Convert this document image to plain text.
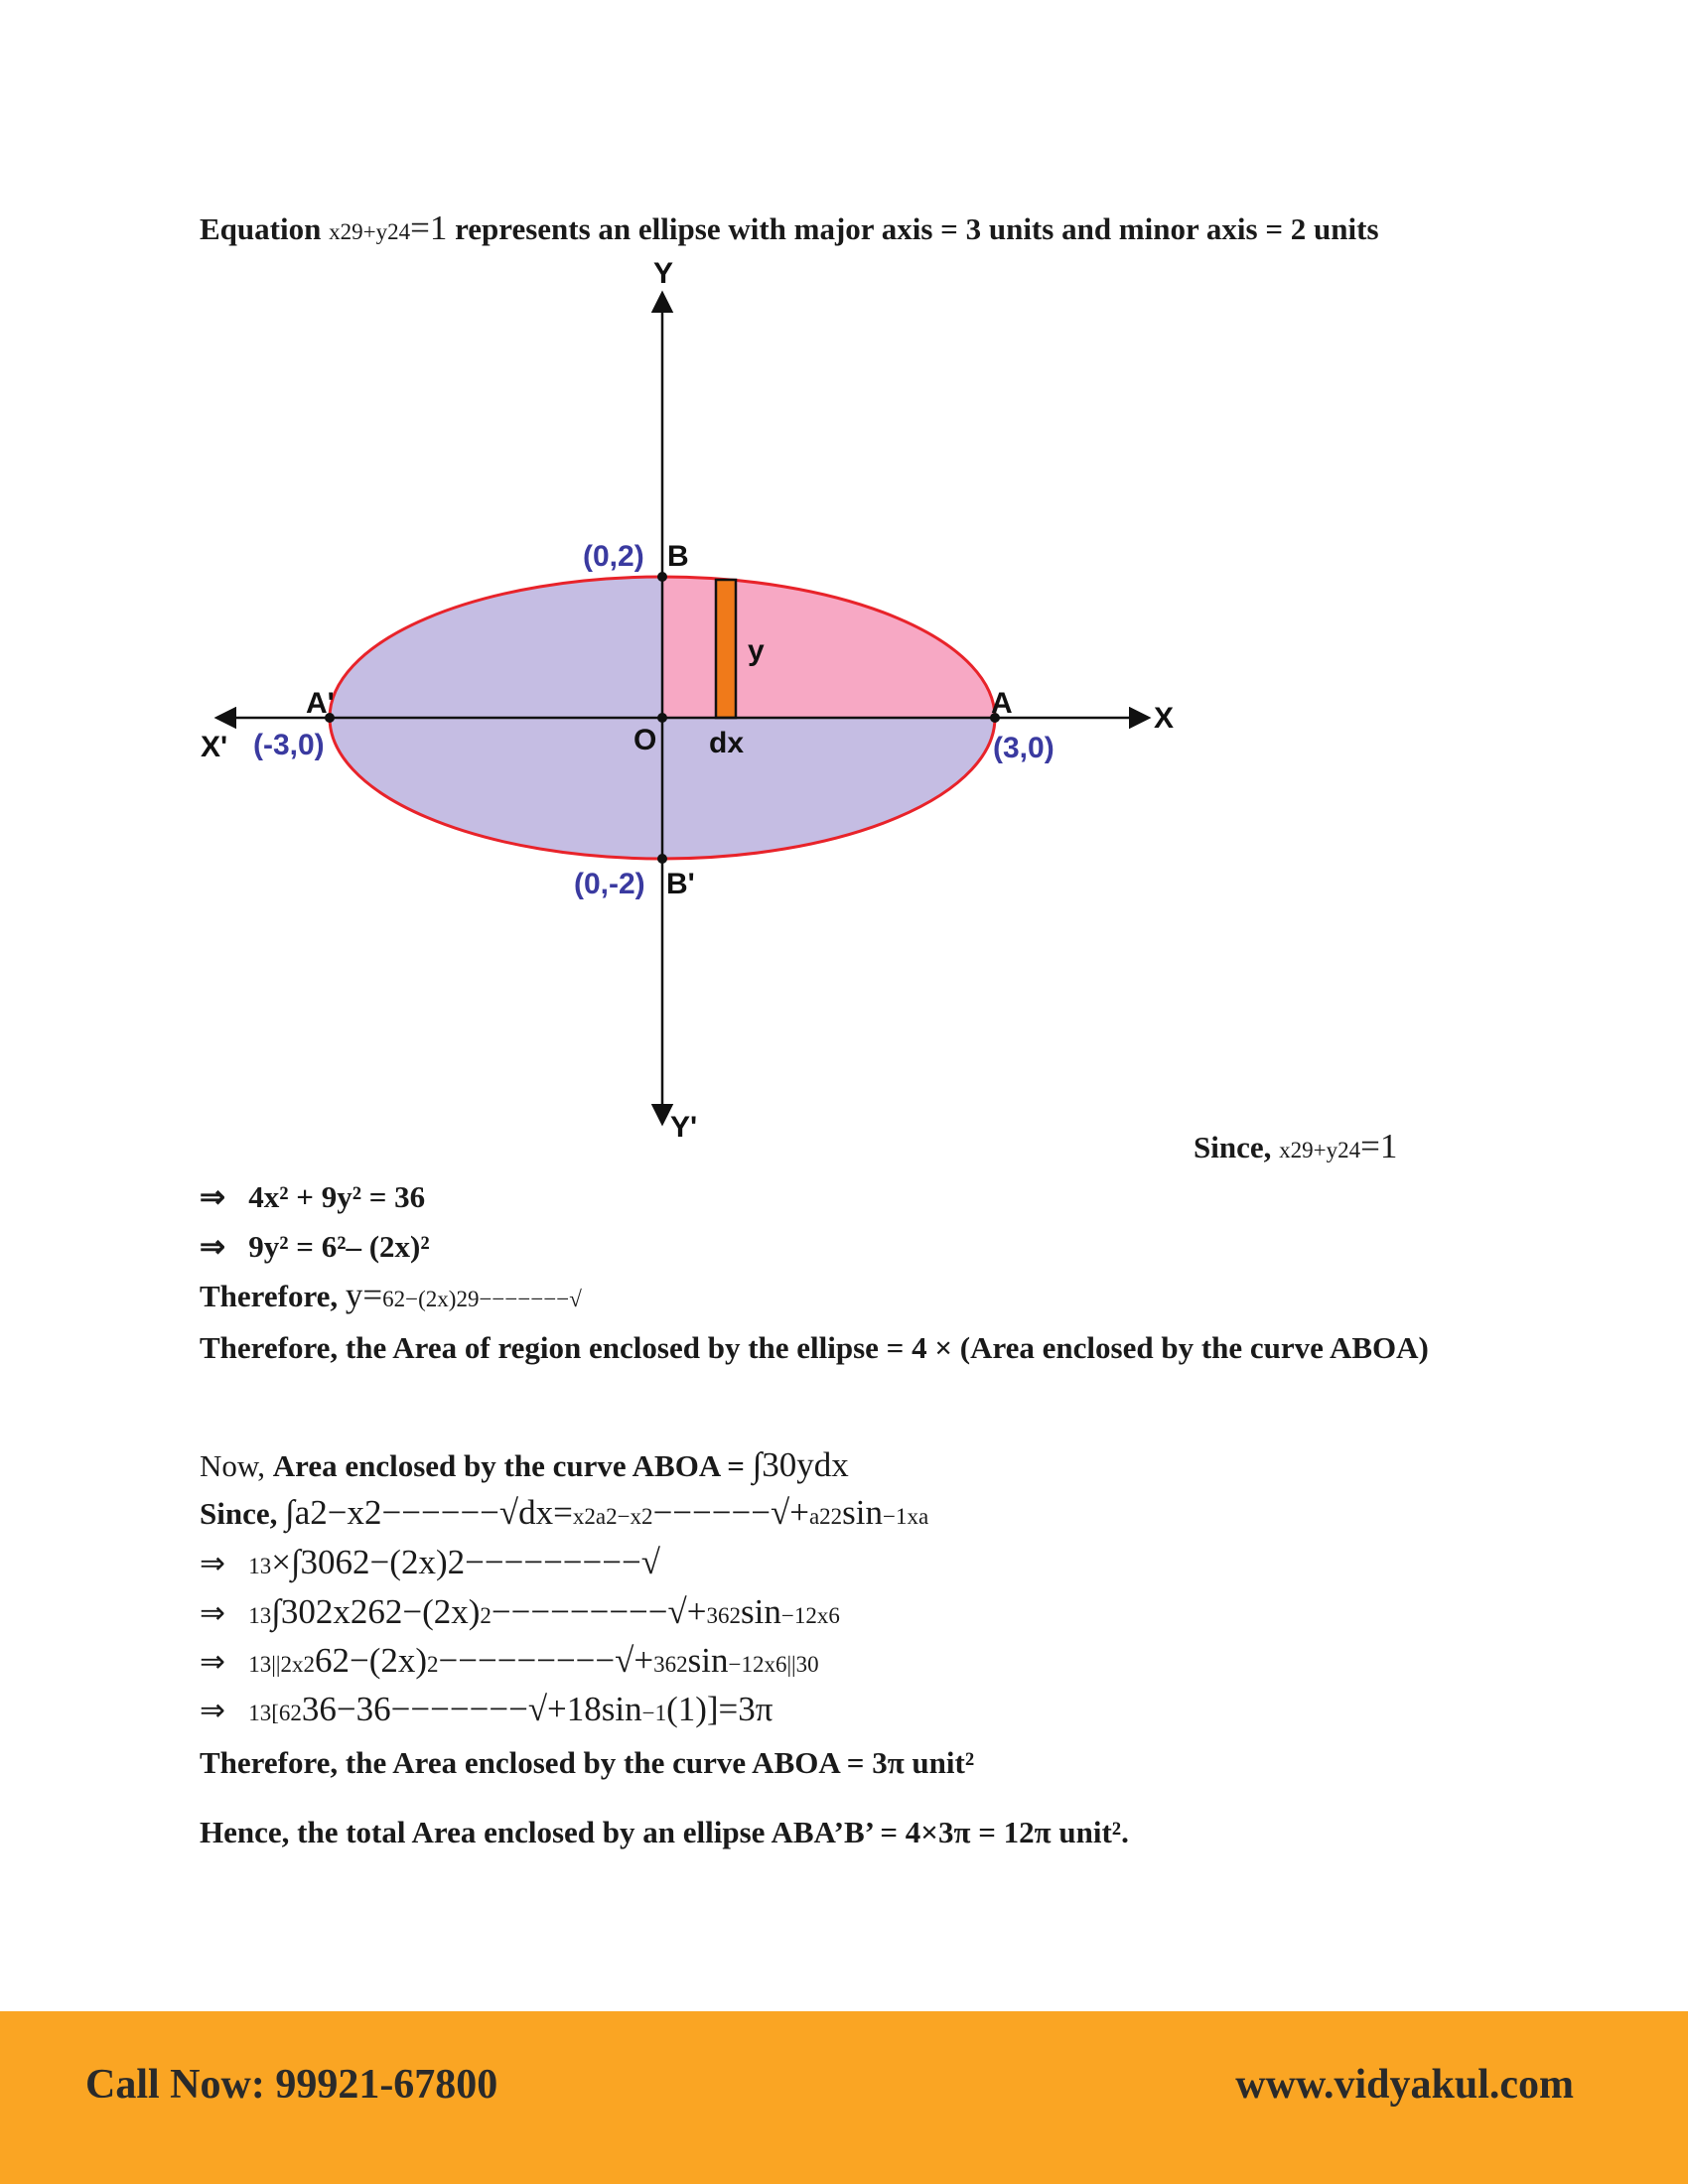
Equation x29+y24=1 represents an ellipse with major axis = 3 units and minor axis = 2 units
Y
Y'
X
X'
(0,2) B
(0,-2) B'
A'
(-3,0)
A
(3,0)
O
y
dx
Since, x29+y24=1
⇒ 4x² + 9y² = 36
⇒ 9y² = 6²– (2x)²
Therefore, y=62−(2x)29−−−−−−−√
Therefore, the Area of region enclosed by the ellipse = 4 × (Area enclosed by the curve ABOA)
Now, Area enclosed by the curve ABOA = ∫30ydx
Since, ∫a2−x2−−−−−−√dx=x2a2−x2−−−−−−√+a22sin−1xa
⇒ 13×∫3062−(2x)2−−−−−−−−−√
⇒ 13∫302x262−(2x)2−−−−−−−−−√+362sin−12x6
⇒ 13||2x262−(2x)2−−−−−−−−−√+362sin−12x6||30
⇒ 13[6236−36−−−−−−−√+18sin−1(1)]=3π
Therefore, the Area enclosed by the curve ABOA = 3π unit²
Hence, the total Area enclosed by an ellipse ABA’B’ = 4×3π = 12π unit².
Call Now: 99921-67800	www.vidyakul.com
